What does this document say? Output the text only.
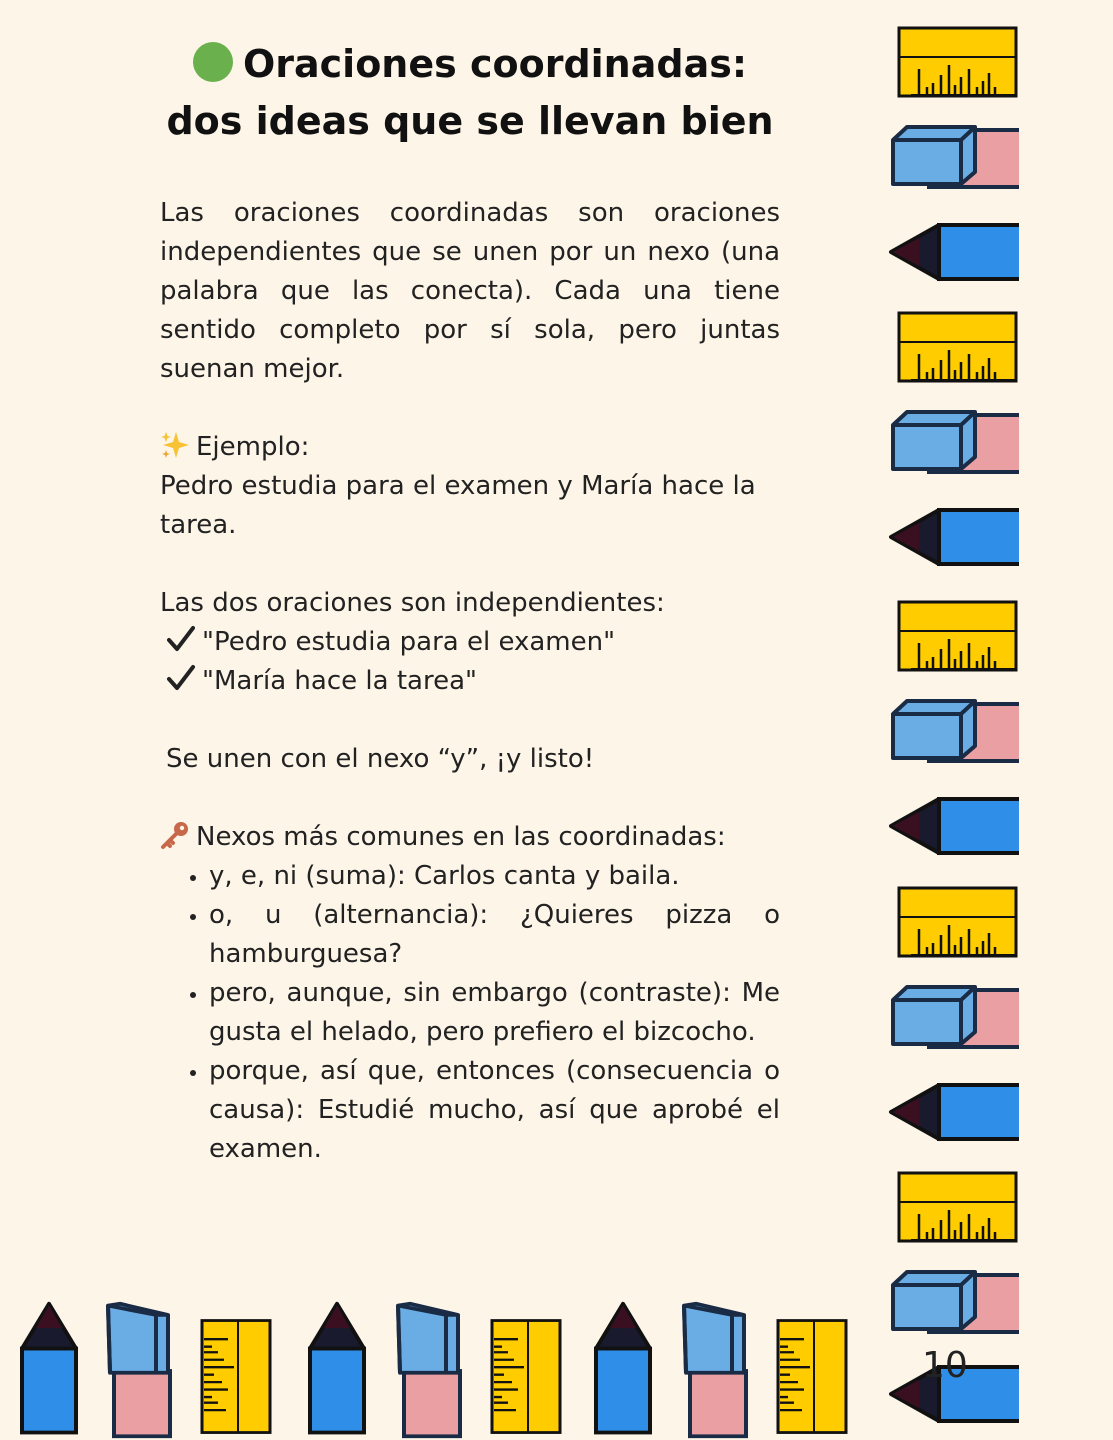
Oraciones coordinadas: dos ideas que se llevan bien

Las oraciones coordinadas son oraciones independientes que se unen por un nexo (una palabra que las conecta). Cada una tiene sentido completo por sí sola, pero juntas suenan mejor.

Ejemplo:

Pedro estudia para el examen y María hace la tarea.

Las dos oraciones son independientes:

"Pedro estudia para el examen"

"María hace la tarea"

Se unen con el nexo “y”, ¡y listo!

Nexos más comunes en las coordinadas:

• y, e, ni (suma): Carlos canta y baila.
• o, u (alternancia): ¿Quieres pizza o hamburguesa?
• pero, aunque, sin embargo (contraste): Me gusta el helado, pero prefiero el bizcocho.
• porque, así que, entonces (consecuencia o causa): Estudié mucho, así que aprobé el examen.
10
